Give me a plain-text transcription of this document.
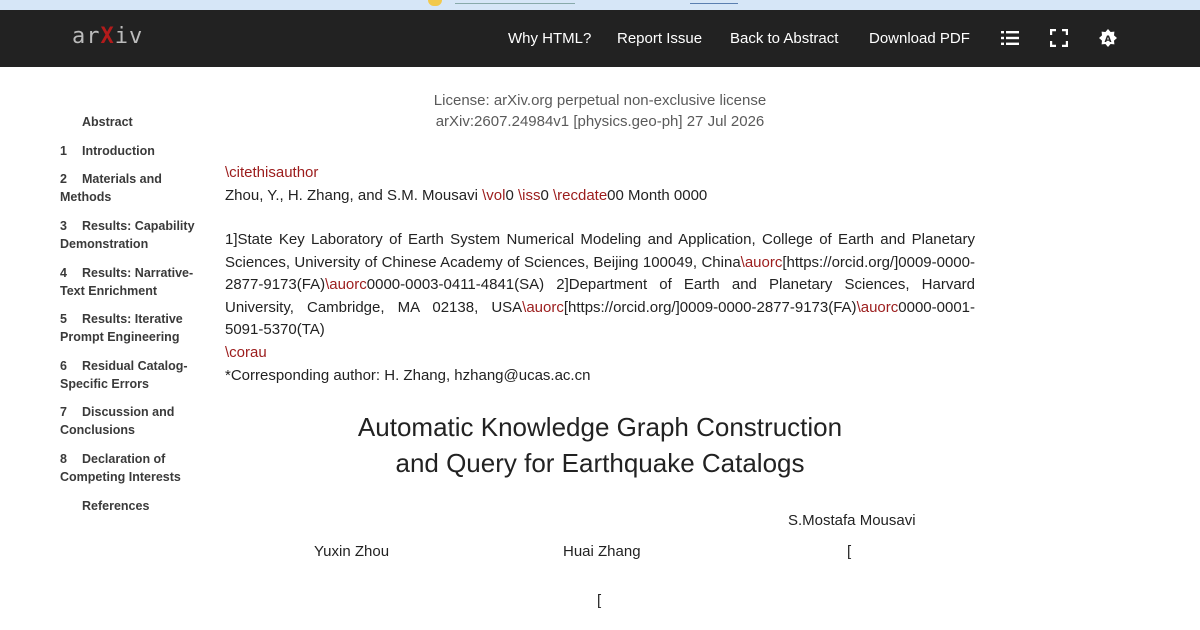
arXiv	Why HTML? Report Issue Back to Abstract Download PDF	A
Abstract
1 Introduction
2 Materials and Methods
3 Results: Capability Demonstration
4 Results: Narrative-Text Enrichment
5 Results: Iterative Prompt Engineering
6 Residual Catalog-Specific Errors
7 Discussion and Conclusions
8 Declaration of Competing Interests
References
License: arXiv.org perpetual non-exclusive license
arXiv:2607.24984v1 [physics.geo-ph] 27 Jul 2026
\citethisauthor
Zhou, Y., H. Zhang, and S.M. Mousavi \vol0 \iss0 \recdate00 Month 0000
1]State Key Laboratory of Earth System Numerical Modeling and Application, College of Earth and Planetary Sciences, University of Chinese Academy of Sciences, Beijing 100049, China\auorc[https://orcid.org/]0009-0000-2877-9173(FA)\auorc0000-0003-0411-4841(SA) 2]Department of Earth and Planetary Sciences, Harvard University, Cambridge, MA 02138, USA\auorc[https://orcid.org/]0009-0000-2877-9173(FA)\auorc0000-0001-5091-5370(TA)
\corau
*Corresponding author: H. Zhang, hzhang@ucas.ac.cn
Automatic Knowledge Graph Construction
and Query for Earthquake Catalogs
Yuxin Zhou	Huai Zhang
[
S.Mostafa Mousavi
[
